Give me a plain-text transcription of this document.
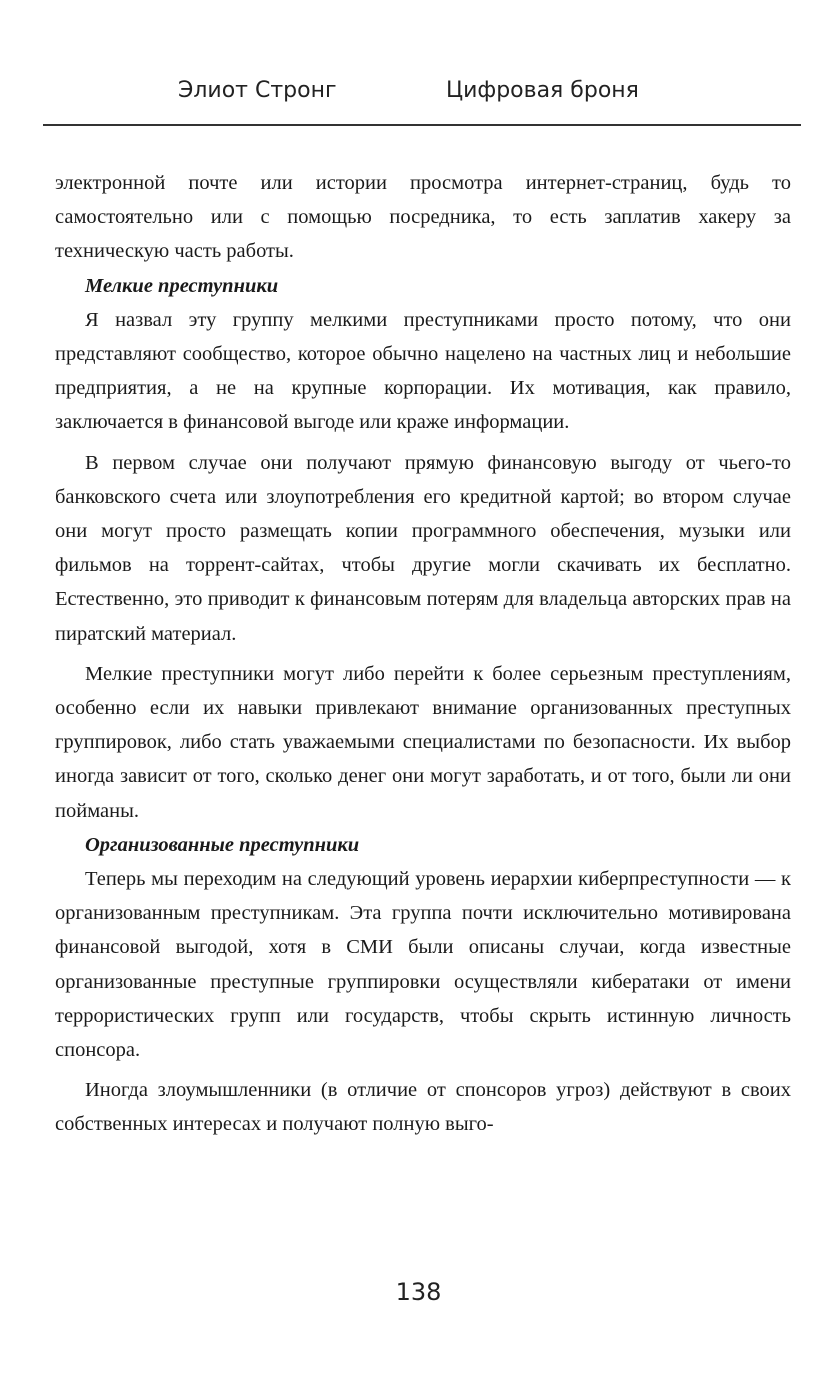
Элиот Стронг	Цифровая броня

электронной почте или истории просмотра интернет-страниц, будь то самостоятельно или с помощью посредника, то есть заплатив хакеру за техническую часть работы.

Мелкие преступники

Я назвал эту группу мелкими преступниками просто потому, что они представляют сообщество, которое обычно нацелено на частных лиц и небольшие предприятия, а не на крупные корпорации. Их мотивация, как правило, заключается в финансовой выгоде или краже информации.

В первом случае они получают прямую финансовую выгоду от чьего-то банковского счета или злоупотребления его кредитной картой; во втором случае они могут просто размещать копии программного обеспечения, музыки или фильмов на торрент-сайтах, чтобы другие могли скачивать их бесплатно. Естественно, это приводит к финансовым потерям для владельца авторских прав на пиратский материал.

Мелкие преступники могут либо перейти к более серьезным преступлениям, особенно если их навыки привлекают внимание организованных преступных группировок, либо стать уважаемыми специалистами по безопасности. Их выбор иногда зависит от того, сколько денег они могут заработать, и от того, были ли они пойманы.

Организованные преступники

Теперь мы переходим на следующий уровень иерархии киберпреступности — к организованным преступникам. Эта группа почти исключительно мотивирована финансовой выгодой, хотя в СМИ были описаны случаи, когда известные организованные преступные группировки осуществляли кибератаки от имени террористических групп или государств, чтобы скрыть истинную личность спонсора.

Иногда злоумышленники (в отличие от спонсоров угроз) действуют в своих собственных интересах и получают полную выго-

138
